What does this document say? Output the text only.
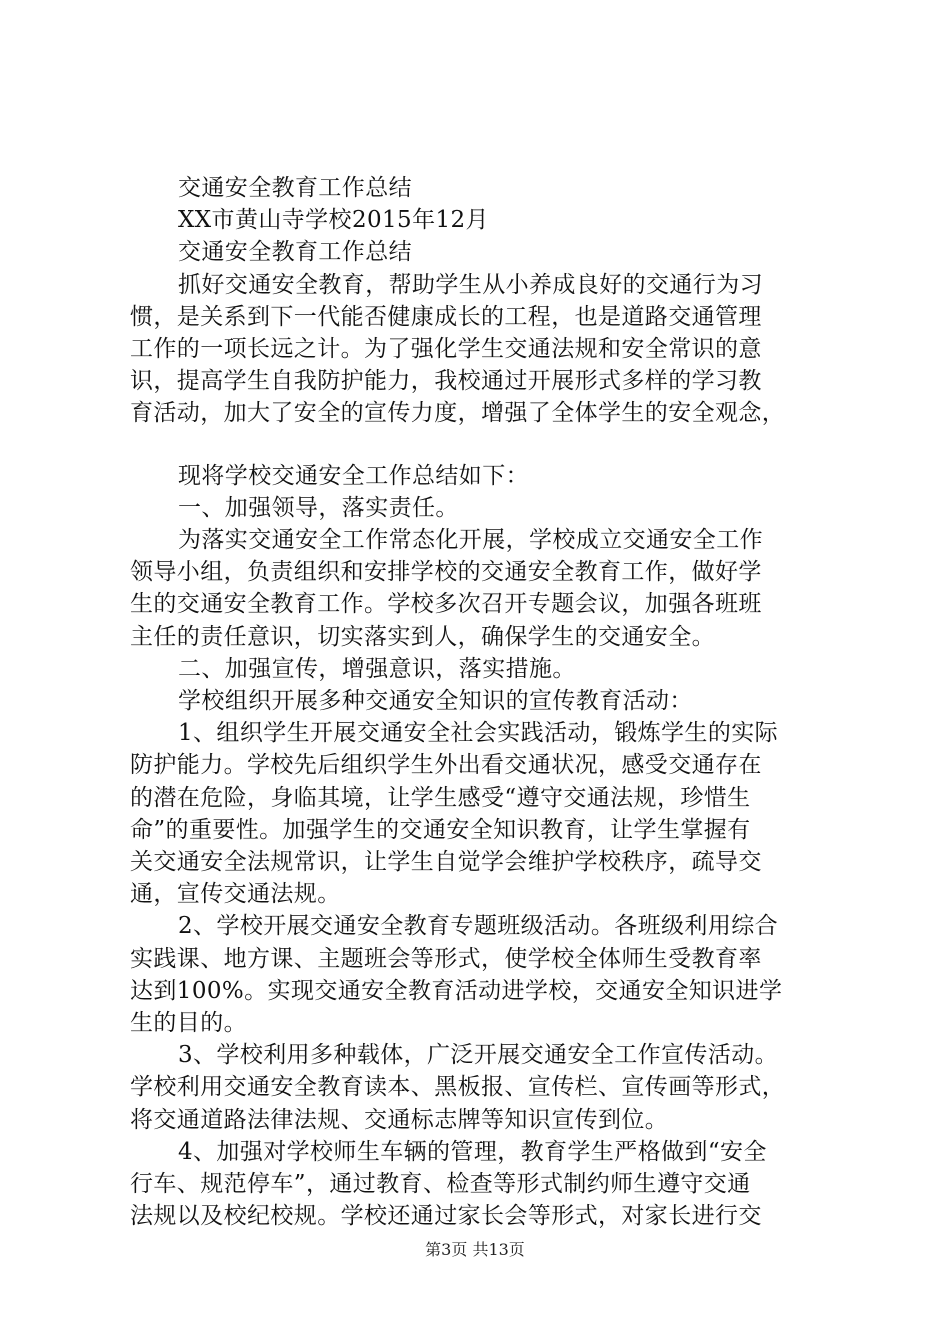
交通安全教育工作总结
XX市黄山寺学校2015年12月
交通安全教育工作总结
抓好交通安全教育，帮助学生从小养成良好的交通行为习
惯，是关系到下一代能否健康成长的工程，也是道路交通管理
工作的一项长远之计。为了强化学生交通法规和安全常识的意
识，提高学生自我防护能力，我校通过开展形式多样的学习教
育活动，加大了安全的宣传力度，增强了全体学生的安全观念，
现将学校交通安全工作总结如下：
一、加强领导，落实责任。
为落实交通安全工作常态化开展，学校成立交通安全工作
领导小组，负责组织和安排学校的交通安全教育工作，做好学
生的交通安全教育工作。学校多次召开专题会议，加强各班班
主任的责任意识，切实落实到人，确保学生的交通安全。
二、加强宣传，增强意识，落实措施。
学校组织开展多种交通安全知识的宣传教育活动：
1、组织学生开展交通安全社会实践活动，锻炼学生的实际
防护能力。学校先后组织学生外出看交通状况，感受交通存在
的潜在危险，身临其境，让学生感受“遵守交通法规，珍惜生
命”的重要性。加强学生的交通安全知识教育，让学生掌握有
关交通安全法规常识，让学生自觉学会维护学校秩序，疏导交
通，宣传交通法规。
2、学校开展交通安全教育专题班级活动。各班级利用综合
实践课、地方课、主题班会等形式，使学校全体师生受教育率
达到100%。实现交通安全教育活动进学校，交通安全知识进学
生的目的。
3、学校利用多种载体，广泛开展交通安全工作宣传活动。
学校利用交通安全教育读本、黑板报、宣传栏、宣传画等形式，
将交通道路法律法规、交通标志牌等知识宣传到位。
4、加强对学校师生车辆的管理，教育学生严格做到“安全
行车、规范停车”，通过教育、检查等形式制约师生遵守交通
法规以及校纪校规。学校还通过家长会等形式，对家长进行交
第3页 共13页
